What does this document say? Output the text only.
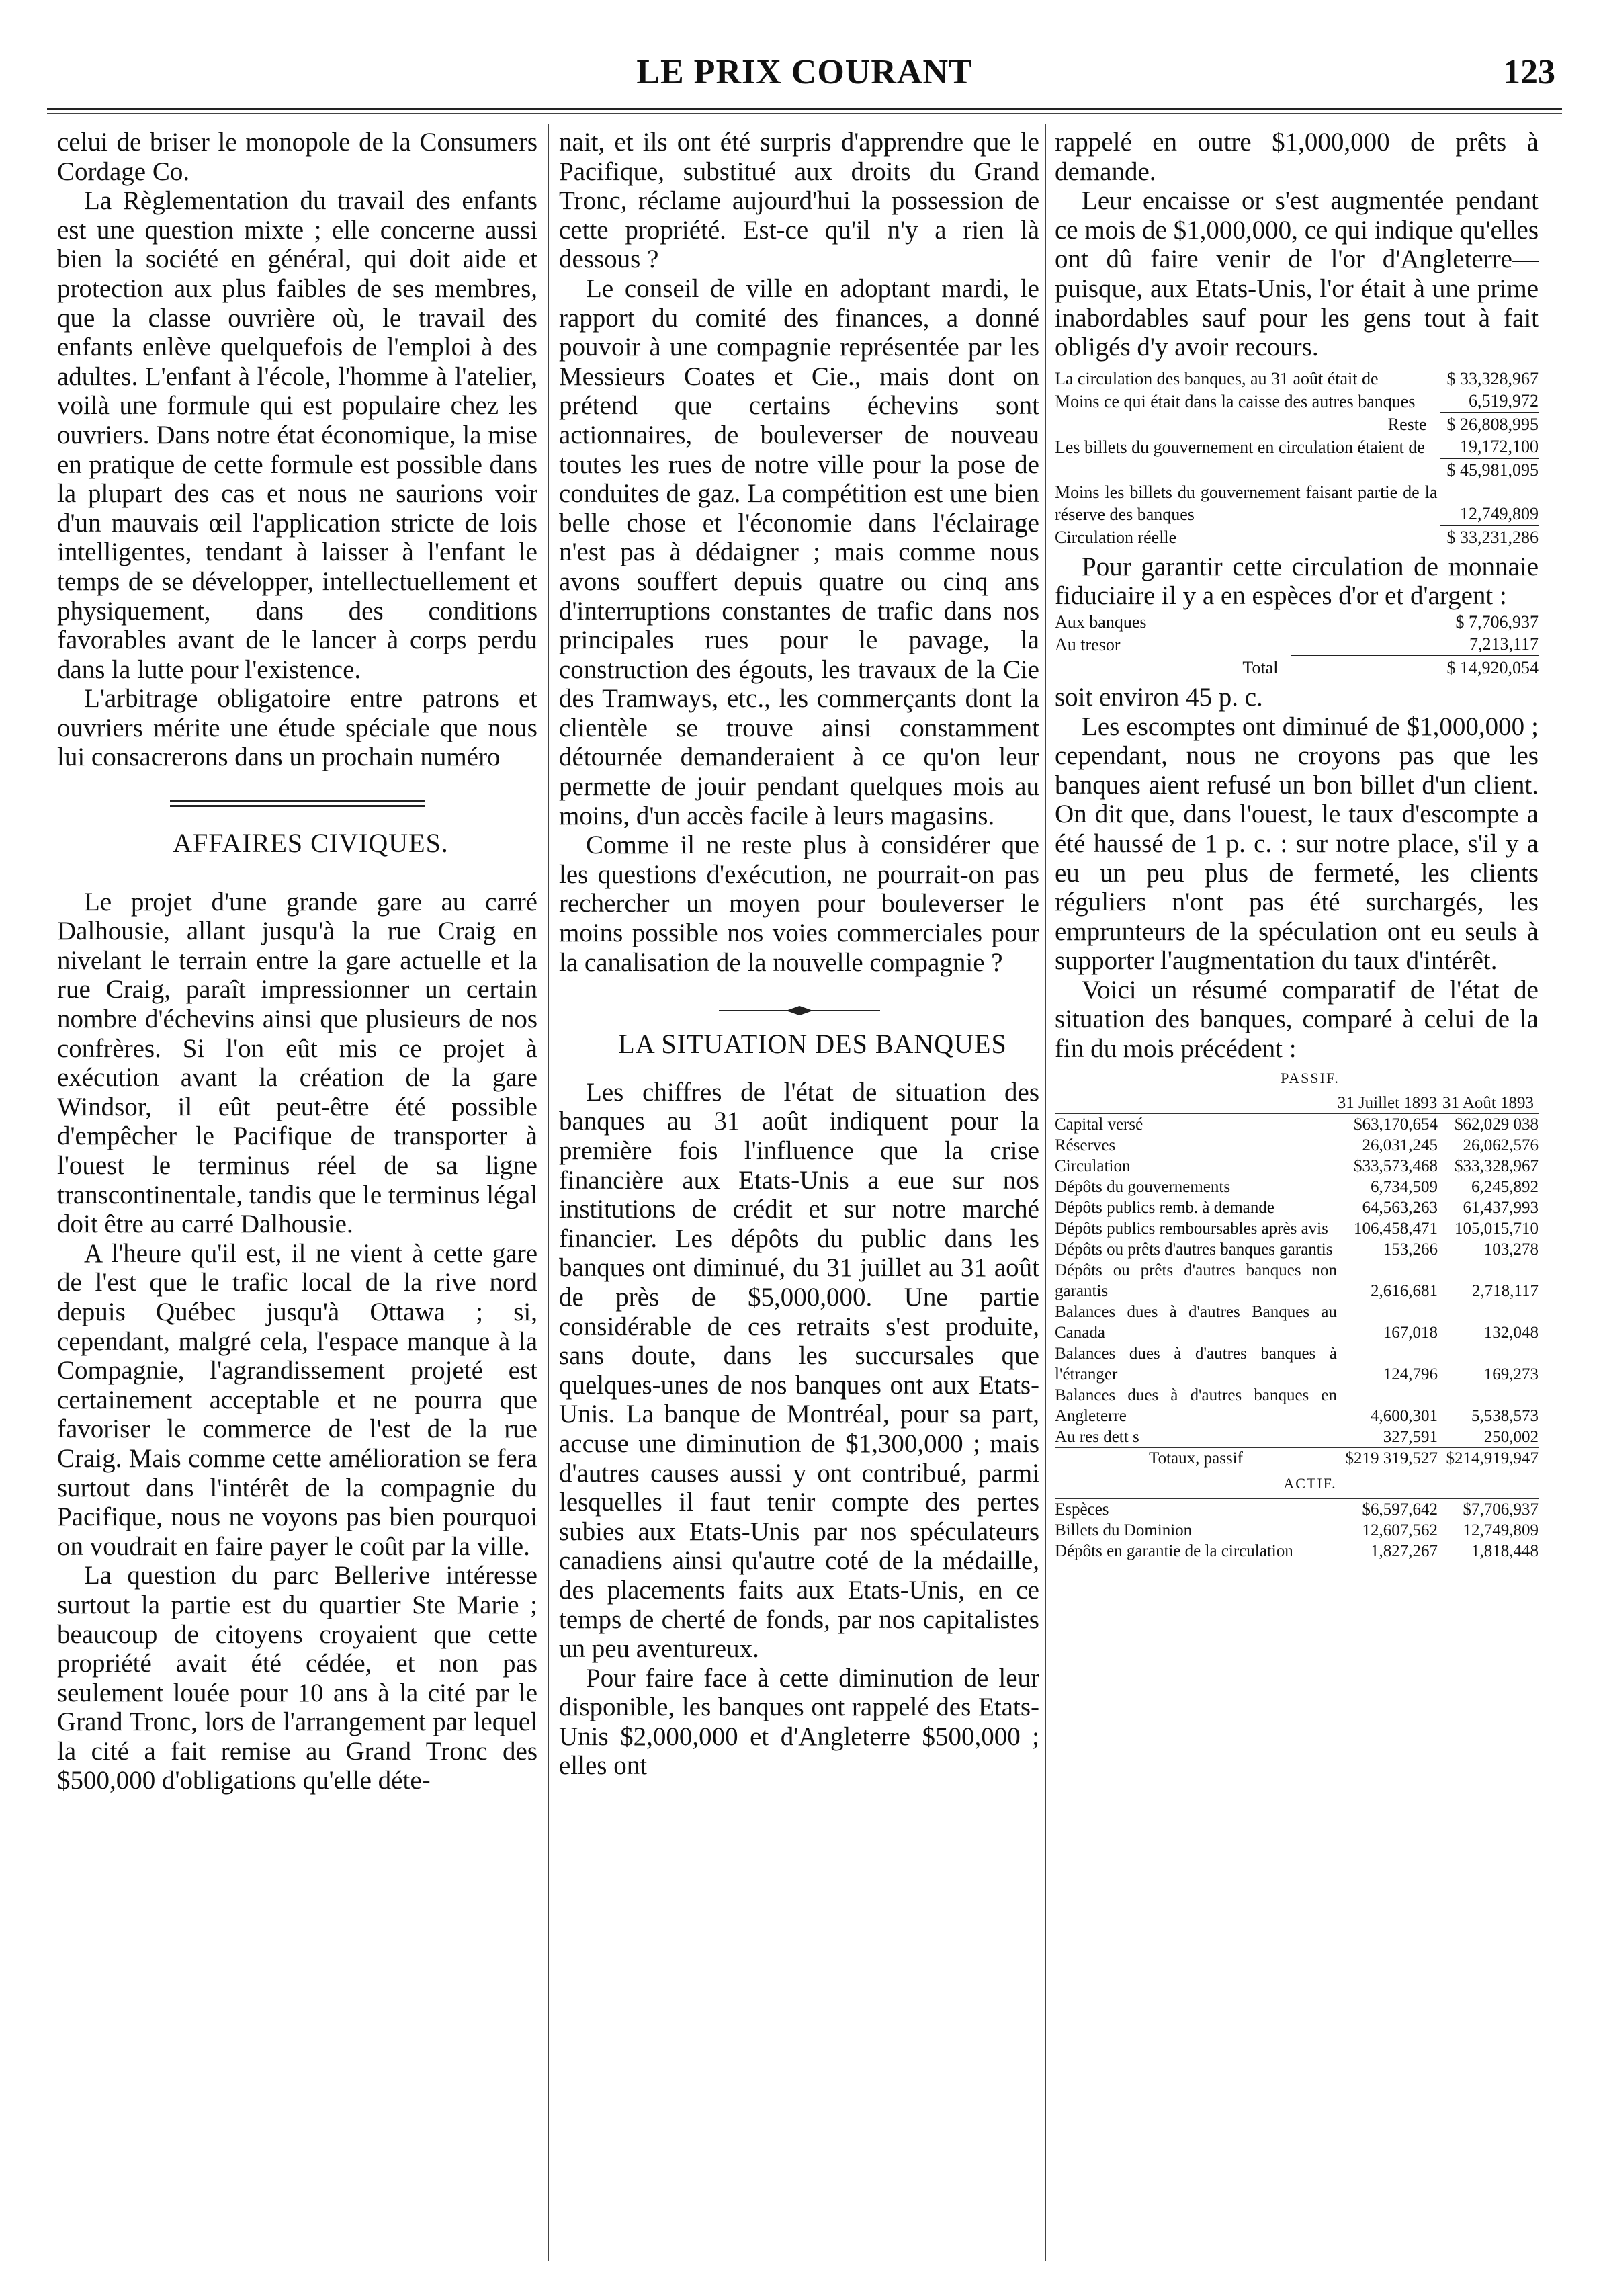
LE PRIX COURANT	123

celui de briser le monopole de la Consumers Cordage Co.

La Règlementation du travail des enfants est une question mixte ; elle concerne aussi bien la société en général, qui doit aide et protection aux plus faibles de ses membres, que la classe ouvrière où, le travail des enfants enlève quelquefois de l'emploi à des adultes. L'enfant à l'école, l'homme à l'atelier, voilà une formule qui est populaire chez les ouvriers. Dans notre état économique, la mise en pratique de cette formule est possible dans la plupart des cas et nous ne saurions voir d'un mauvais œil l'application stricte de lois intelligentes, tendant à laisser à l'enfant le temps de se développer, intellectuellement et physiquement, dans des conditions favorables avant de le lancer à corps perdu dans la lutte pour l'existence.

L'arbitrage obligatoire entre patrons et ouvriers mérite une étude spéciale que nous lui consacrerons dans un prochain numéro

AFFAIRES CIVIQUES.

Le projet d'une grande gare au carré Dalhousie, allant jusqu'à la rue Craig en nivelant le terrain entre la gare actuelle et la rue Craig, paraît impressionner un certain nombre d'échevins ainsi que plusieurs de nos confrères. Si l'on eût mis ce projet à exécution avant la création de la gare Windsor, il eût peut-être été possible d'empêcher le Pacifique de transporter à l'ouest le terminus réel de sa ligne transcontinentale, tandis que le terminus légal doit être au carré Dalhousie.

A l'heure qu'il est, il ne vient à cette gare de l'est que le trafic local de la rive nord depuis Québec jusqu'à Ottawa ; si, cependant, malgré cela, l'espace manque à la Compagnie, l'agrandissement projeté est certainement acceptable et ne pourra que favoriser le commerce de l'est de la rue Craig. Mais comme cette amélioration se fera surtout dans l'intérêt de la compagnie du Pacifique, nous ne voyons pas bien pourquoi on voudrait en faire payer le coût par la ville.

La question du parc Bellerive intéresse surtout la partie est du quartier Ste Marie ; beaucoup de citoyens croyaient que cette propriété avait été cédée, et non pas seulement louée pour 10 ans à la cité par le Grand Tronc, lors de l'arrangement par lequel la cité a fait remise au Grand Tronc des $500,000 d'obligations qu'elle déte-

nait, et ils ont été surpris d'apprendre que le Pacifique, substitué aux droits du Grand Tronc, réclame aujourd'hui la possession de cette propriété. Est-ce qu'il n'y a rien là dessous ?

Le conseil de ville en adoptant mardi, le rapport du comité des finances, a donné pouvoir à une compagnie représentée par les Messieurs Coates et Cie., mais dont on prétend que certains échevins sont actionnaires, de bouleverser de nouveau toutes les rues de notre ville pour la pose de conduites de gaz. La compétition est une bien belle chose et l'économie dans l'éclairage n'est pas à dédaigner ; mais comme nous avons souffert depuis quatre ou cinq ans d'interruptions constantes de trafic dans nos principales rues pour le pavage, la construction des égouts, les travaux de la Cie des Tramways, etc., les commerçants dont la clientèle se trouve ainsi constamment détournée demanderaient à ce qu'on leur permette de jouir pendant quelques mois au moins, d'un accès facile à leurs magasins.

Comme il ne reste plus à considérer que les questions d'exécution, ne pourrait-on pas rechercher un moyen pour bouleverser le moins possible nos voies commerciales pour la canalisation de la nouvelle compagnie ?

LA SITUATION DES BANQUES

Les chiffres de l'état de situation des banques au 31 août indiquent pour la première fois l'influence que la crise financière aux Etats-Unis a eue sur nos institutions de crédit et sur notre marché financier. Les dépôts du public dans les banques ont diminué, du 31 juillet au 31 août de près de $5,000,000. Une partie considérable de ces retraits s'est produite, sans doute, dans les succursales que quelques-unes de nos banques ont aux Etats-Unis. La banque de Montréal, pour sa part, accuse une diminution de $1,300,000 ; mais d'autres causes aussi y ont contribué, parmi lesquelles il faut tenir compte des pertes subies aux Etats-Unis par nos spéculateurs canadiens ainsi qu'autre coté de la médaille, des placements faits aux Etats-Unis, en ce temps de cherté de fonds, par nos capitalistes un peu aventureux.

Pour faire face à cette diminution de leur disponible, les banques ont rappelé des Etats-Unis $2,000,000 et d'Angleterre $500,000 ; elles ont

rappelé en outre $1,000,000 de prêts à demande.

Leur encaisse or s'est augmentée pendant ce mois de $1,000,000, ce qui indique qu'elles ont dû faire venir de l'or d'Angleterre—puisque, aux Etats-Unis, l'or était à une prime inabordables sauf pour les gens tout à fait obligés d'y avoir recours.

La circulation des banques, au 31 août était de	$ 33,328,967
Moins ce qui était dans la caisse des autres banques	6,519,972
Reste	$ 26,808,995
Les billets du gouvernement en circulation étaient de	19,172,100
	$ 45,981,095
Moins les billets du gouvernement faisant partie de la réserve des banques	12,749,809
Circulation réelle	$ 33,231,286

Pour garantir cette circulation de monnaie fiduciaire il y a en espèces d'or et d'argent :

Aux banques	$ 7,706,937
Au tresor	7,213,117
Total	$ 14,920,054

soit environ 45 p. c.

Les escomptes ont diminué de $1,000,000 ; cependant, nous ne croyons pas que les banques aient refusé un bon billet d'un client. On dit que, dans l'ouest, le taux d'escompte a été haussé de 1 p. c. : sur notre place, s'il y a eu un peu plus de fermeté, les clients réguliers n'ont pas été surchargés, les emprunteurs de la spéculation ont eu seuls à supporter l'augmentation du taux d'intérêt.

Voici un résumé comparatif de l'état de situation des banques, comparé à celui de la fin du mois précédent :

PASSIF.

	31 Juillet 1893	31 Août 1893
Capital versé	$63,170,654	$62,029 038
Réserves	26,031,245	26,062,576
Circulation	$33,573,468	$33,328,967
Dépôts du gouvernements	6,734,509	6,245,892
Dépôts publics remb. à demande	64,563,263	61,437,993
Dépôts publics remboursables après avis	106,458,471	105,015,710
Dépôts ou prêts d'autres banques garantis	153,266	103,278
Dépôts ou prêts d'autres banques non garantis	2,616,681	2,718,117
Balances dues à d'autres Banques au Canada	167,018	132,048
Balances dues à d'autres banques à l'étranger	124,796	169,273
Balances dues à d'autres banques en Angleterre	4,600,301	5,538,573
Au res dett s	327,591	250,002
Totaux, passif	$219 319,527	$214,919,947

ACTIF.

Espèces	$6,597,642	$7,706,937
Billets du Dominion	12,607,562	12,749,809
Dépôts en garantie de la circulation	1,827,267	1,818,448
